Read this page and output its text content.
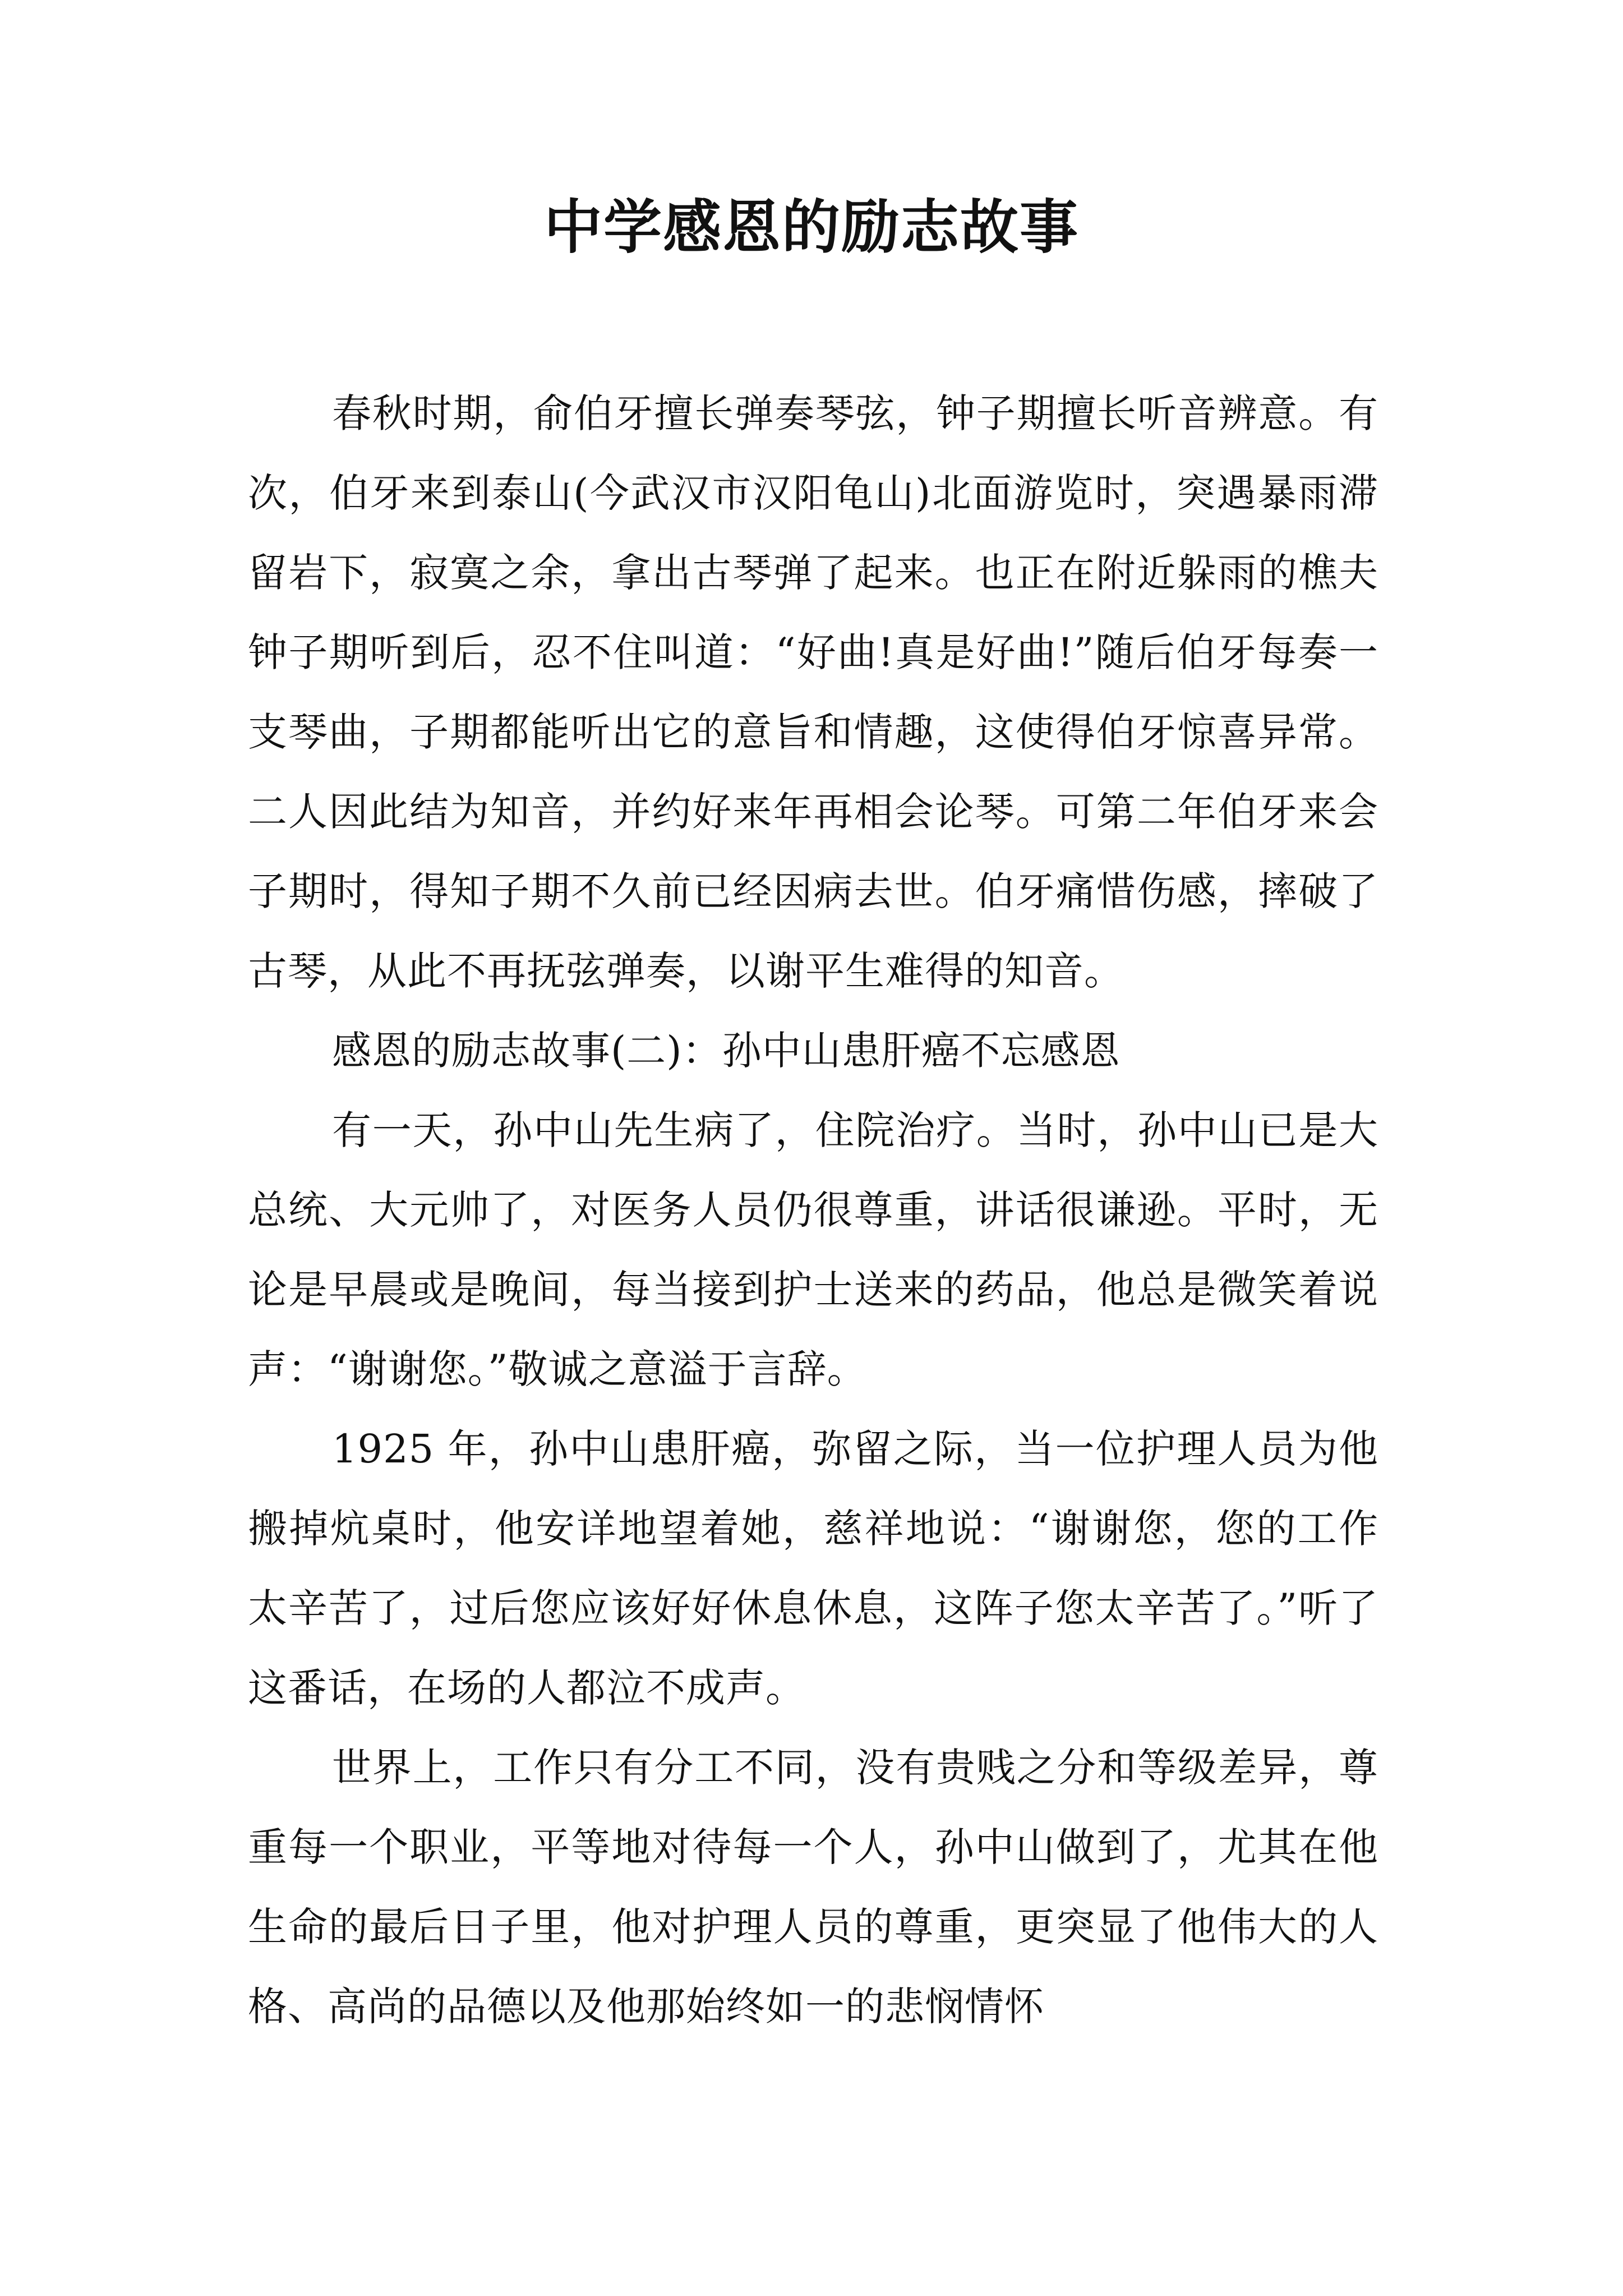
中学感恩的励志故事

春秋时期，俞伯牙擅长弹奏琴弦，钟子期擅长听音辨意。有次，伯牙来到泰山(今武汉市汉阳龟山)北面游览时，突遇暴雨滞留岩下，寂寞之余，拿出古琴弹了起来。也正在附近躲雨的樵夫钟子期听到后，忍不住叫道：“好曲!真是好曲!”随后伯牙每奏一支琴曲，子期都能听出它的意旨和情趣，这使得伯牙惊喜异常。二人因此结为知音，并约好来年再相会论琴。可第二年伯牙来会子期时，得知子期不久前已经因病去世。伯牙痛惜伤感，摔破了古琴，从此不再抚弦弹奏，以谢平生难得的知音。

感恩的励志故事(二)：孙中山患肝癌不忘感恩

有一天，孙中山先生病了，住院治疗。当时，孙中山已是大总统、大元帅了，对医务人员仍很尊重，讲话很谦逊。平时，无论是早晨或是晚间，每当接到护士送来的药品，他总是微笑着说声：“谢谢您。”敬诚之意溢于言辞。

1925 年，孙中山患肝癌，弥留之际，当一位护理人员为他搬掉炕桌时，他安详地望着她，慈祥地说：“谢谢您，您的工作太辛苦了，过后您应该好好休息休息，这阵子您太辛苦了。”听了这番话，在场的人都泣不成声。

世界上，工作只有分工不同，没有贵贱之分和等级差异，尊重每一个职业，平等地对待每一个人，孙中山做到了，尤其在他生命的最后日子里，他对护理人员的尊重，更突显了他伟大的人格、高尚的品德以及他那始终如一的悲悯情怀
